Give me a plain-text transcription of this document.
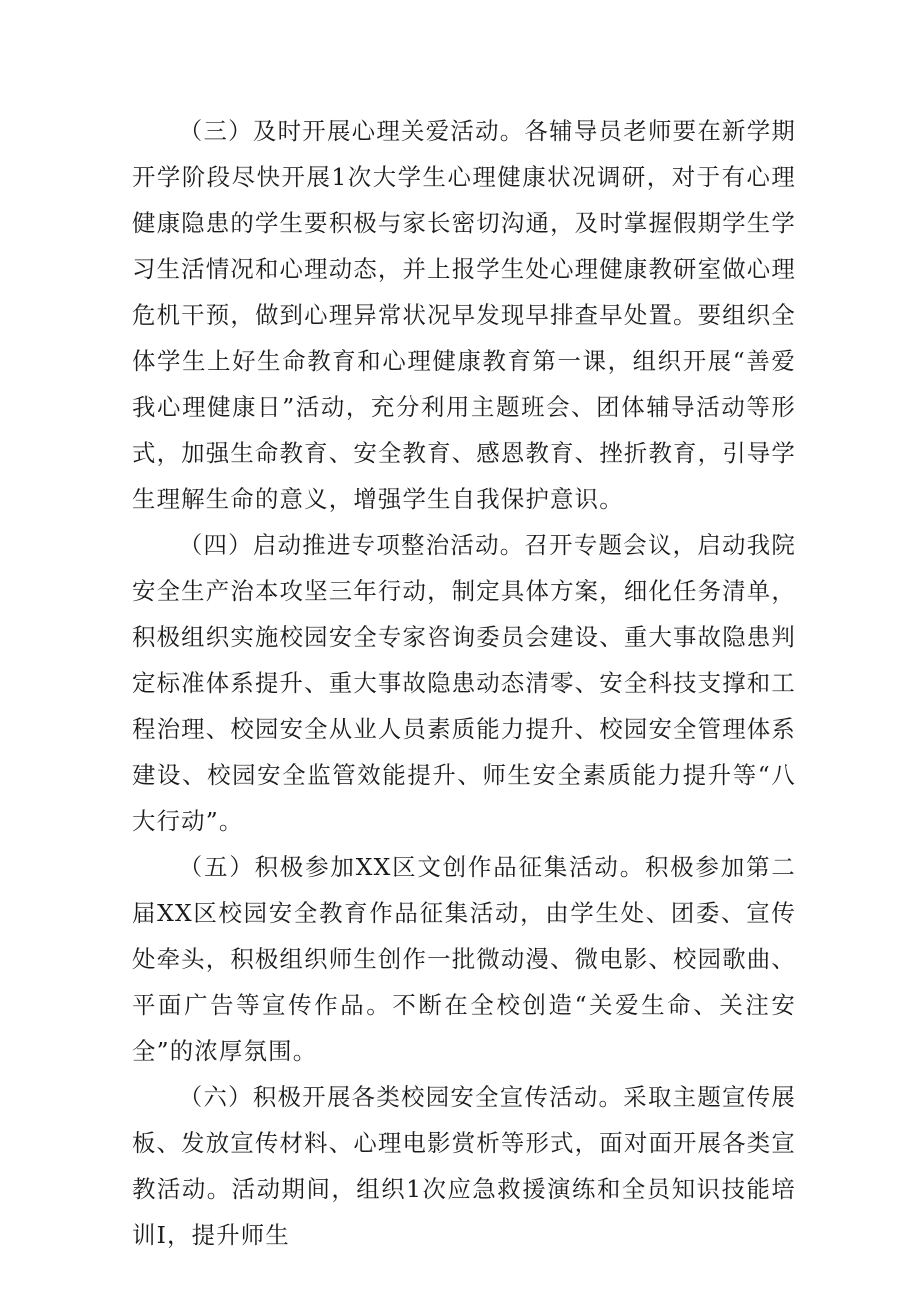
（三）及时开展心理关爱活动。各辅导员老师要在新学期开学阶段尽快开展1次大学生心理健康状况调研，对于有心理健康隐患的学生要积极与家长密切沟通，及时掌握假期学生学习生活情况和心理动态，并上报学生处心理健康教研室做心理危机干预，做到心理异常状况早发现早排查早处置。要组织全体学生上好生命教育和心理健康教育第一课，组织开展“善爱我心理健康日”活动，充分利用主题班会、团体辅导活动等形式，加强生命教育、安全教育、感恩教育、挫折教育，引导学生理解生命的意义，增强学生自我保护意识。

（四）启动推进专项整治活动。召开专题会议，启动我院安全生产治本攻坚三年行动，制定具体方案，细化任务清单，积极组织实施校园安全专家咨询委员会建设、重大事故隐患判定标准体系提升、重大事故隐患动态清零、安全科技支撑和工程治理、校园安全从业人员素质能力提升、校园安全管理体系建设、校园安全监管效能提升、师生安全素质能力提升等“八大行动”。

（五）积极参加XX区文创作品征集活动。积极参加第二届XX区校园安全教育作品征集活动，由学生处、团委、宣传处牵头，积极组织师生创作一批微动漫、微电影、校园歌曲、平面广告等宣传作品。不断在全校创造“关爱生命、关注安全”的浓厚氛围。

（六）积极开展各类校园安全宣传活动。采取主题宣传展板、发放宣传材料、心理电影赏析等形式，面对面开展各类宣教活动。活动期间，组织1次应急救援演练和全员知识技能培训I，提升师生
